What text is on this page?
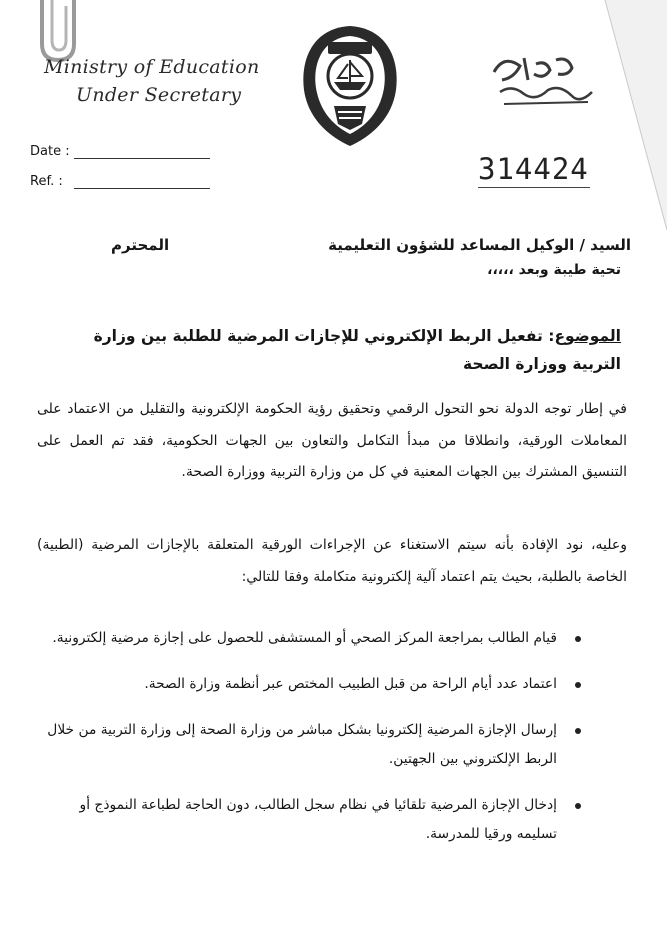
Ministry of Education
Under Secretary
Date :
Ref. :	314424
السيد / الوكيل المساعد للشؤون التعليمية
المحترم
تحية طيبة وبعد ،،،،،
الموضوع: تفعيل الربط الإلكتروني للإجازات المرضية للطلبة بين وزارة التربية ووزارة الصحة
في إطار توجه الدولة نحو التحول الرقمي وتحقيق رؤية الحكومة الإلكترونية والتقليل من الاعتماد على المعاملات الورقية، وانطلاقا من مبدأ التكامل والتعاون بين الجهات الحكومية، فقد تم العمل على التنسيق المشترك بين الجهات المعنية في كل من وزارة التربية ووزارة الصحة.
وعليه، نود الإفادة بأنه سيتم الاستغناء عن الإجراءات الورقية المتعلقة بالإجازات المرضية (الطبية) الخاصة بالطلبة، بحيث يتم اعتماد آلية إلكترونية متكاملة وفقا للتالي:
قيام الطالب بمراجعة المركز الصحي أو المستشفى للحصول على إجازة مرضية إلكترونية.
اعتماد عدد أيام الراحة من قبل الطبيب المختص عبر أنظمة وزارة الصحة.
إرسال الإجازة المرضية إلكترونيا بشكل مباشر من وزارة الصحة إلى وزارة التربية من خلال الربط الإلكتروني بين الجهتين.
إدخال الإجازة المرضية تلقائيا في نظام سجل الطالب، دون الحاجة لطباعة النموذج أو تسليمه ورقيا للمدرسة.
